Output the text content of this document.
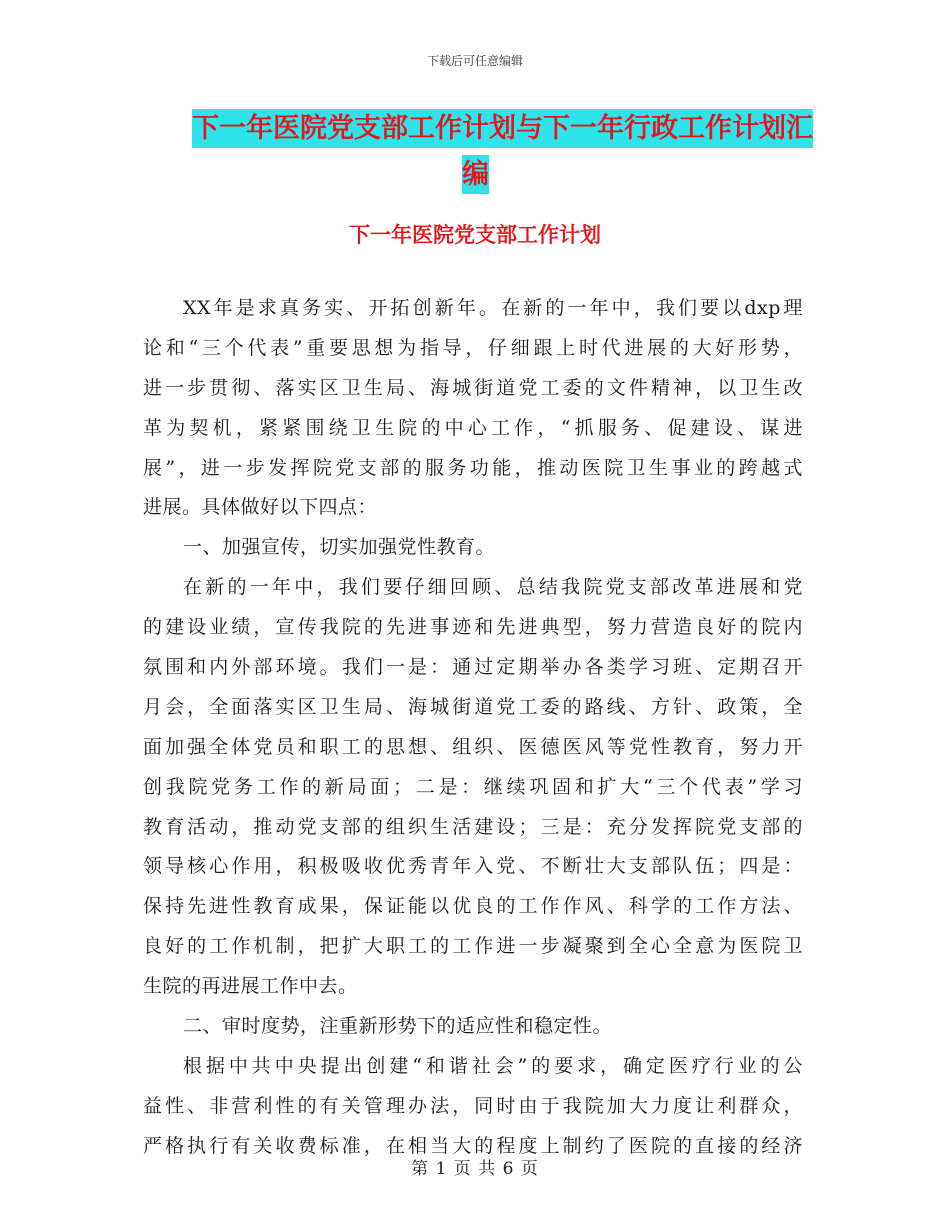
下载后可任意编辑
下一年医院党支部工作计划与下一年行政工作计划汇
编
下一年医院党支部工作计划
XX年是求真务实、开拓创新年。在新的一年中，我们要以dxp理
论和“三个代表”重要思想为指导，仔细跟上时代进展的大好形势，
进一步贯彻、落实区卫生局、海城街道党工委的文件精神，以卫生改
革为契机，紧紧围绕卫生院的中心工作，“抓服务、促建设、谋进
展”，进一步发挥院党支部的服务功能，推动医院卫生事业的跨越式
进展。具体做好以下四点：
一、加强宣传，切实加强党性教育。
在新的一年中，我们要仔细回顾、总结我院党支部改革进展和党
的建设业绩，宣传我院的先进事迹和先进典型，努力营造良好的院内
氛围和内外部环境。我们一是：通过定期举办各类学习班、定期召开
月会，全面落实区卫生局、海城街道党工委的路线、方针、政策，全
面加强全体党员和职工的思想、组织、医德医风等党性教育，努力开
创我院党务工作的新局面；二是：继续巩固和扩大“三个代表”学习
教育活动，推动党支部的组织生活建设；三是：充分发挥院党支部的
领导核心作用，积极吸收优秀青年入党、不断壮大支部队伍；四是：
保持先进性教育成果，保证能以优良的工作作风、科学的工作方法、
良好的工作机制，把扩大职工的工作进一步凝聚到全心全意为医院卫
生院的再进展工作中去。
二、审时度势，注重新形势下的适应性和稳定性。
根据中共中央提出创建“和谐社会”的要求，确定医疗行业的公
益性、非营利性的有关管理办法，同时由于我院加大力度让利群众，
严格执行有关收费标准，在相当大的程度上制约了医院的直接的经济
第 1 页 共 6 页
